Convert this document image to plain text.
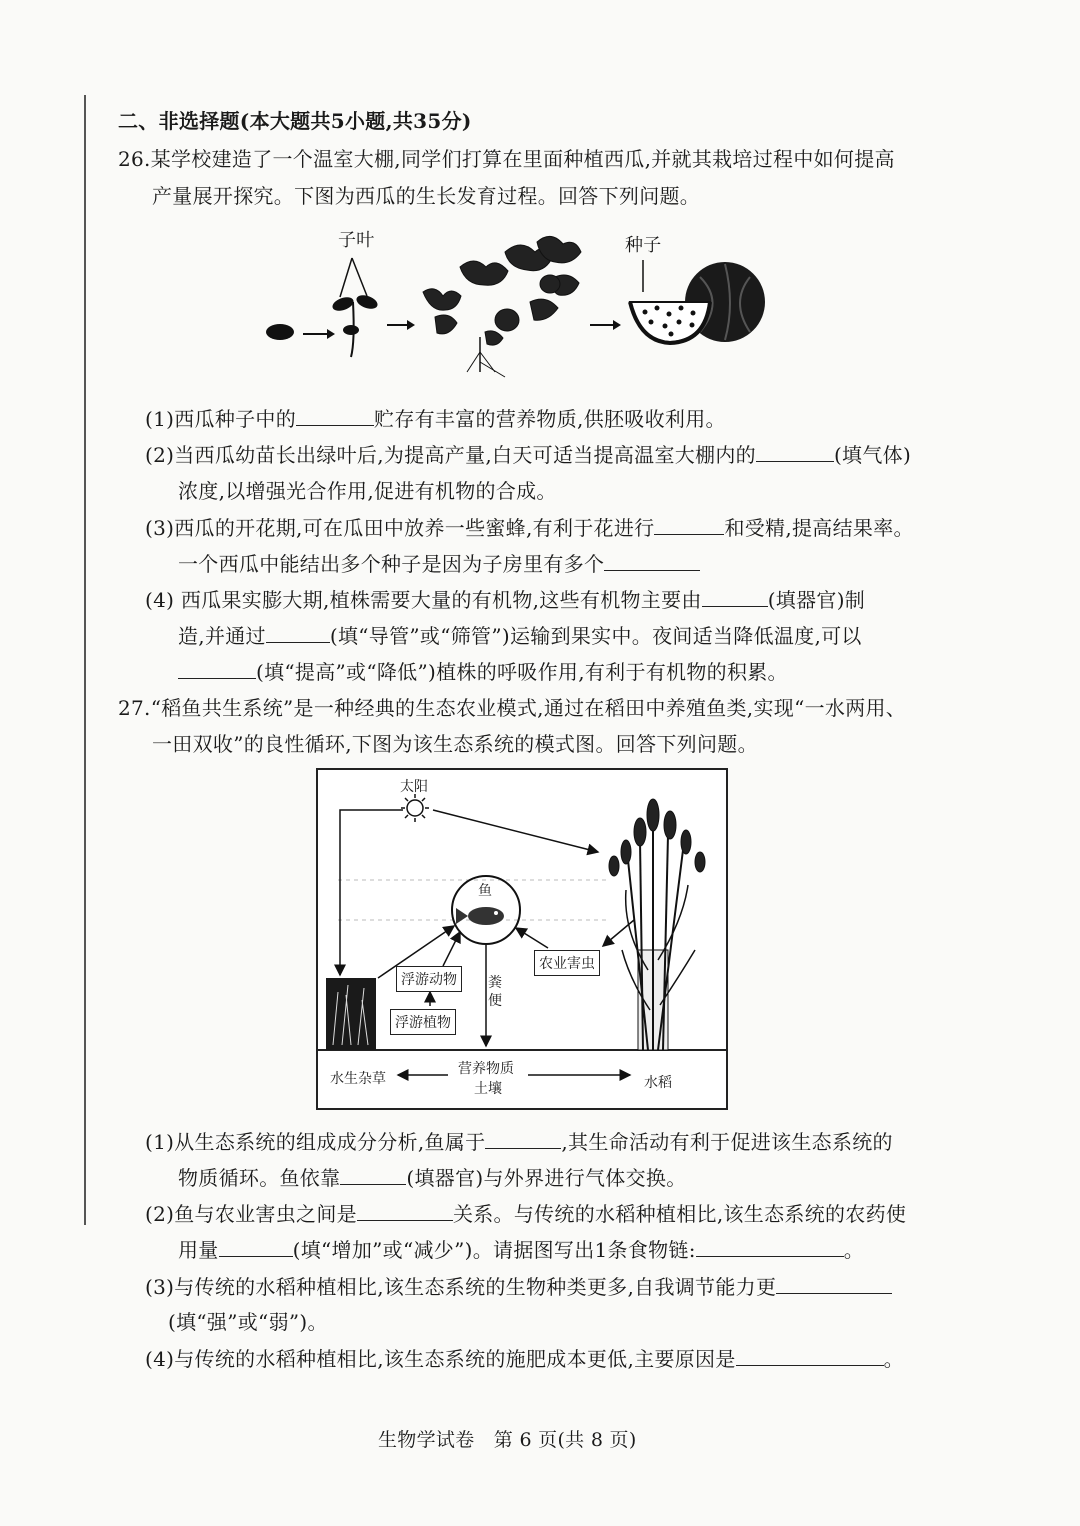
二、非选择题(本大题共5小题,共35分)
26.某学校建造了一个温室大棚,同学们打算在里面种植西瓜,并就其栽培过程中如何提高
产量展开探究。下图为西瓜的生长发育过程。回答下列问题。
子叶	种子
(1)西瓜种子中的	贮存有丰富的营养物质,供胚吸收利用。
(2)当西瓜幼苗长出绿叶后,为提高产量,白天可适当提高温室大棚内的	(填气体)
浓度,以增强光合作用,促进有机物的合成。
(3)西瓜的开花期,可在瓜田中放养一些蜜蜂,有利于花进行	和受精,提高结果率。
一个西瓜中能结出多个种子是因为子房里有多个
(4) 西瓜果实膨大期,植株需要大量的有机物,这些有机物主要由	(填器官)制
造,并通过	(填“导管”或“筛管”)运输到果实中。夜间适当降低温度,可以
(填“提高”或“降低”)植株的呼吸作用,有利于有机物的积累。
27.“稻鱼共生系统”是一种经典的生态农业模式,通过在稻田中养殖鱼类,实现“一水两用、
一田双收”的良性循环,下图为该生态系统的模式图。回答下列问题。
太阳
鱼
粪便
农业害虫
浮游动物
浮游植物
水生杂草
营养物质
土壤	水稻
(1)从生态系统的组成成分分析,鱼属于	,其生命活动有利于促进该生态系统的
物质循环。鱼依靠	(填器官)与外界进行气体交换。
(2)鱼与农业害虫之间是	关系。与传统的水稻种植相比,该生态系统的农药使
用量	(填“增加”或“减少”)。请据图写出1条食物链:	。
(3)与传统的水稻种植相比,该生态系统的生物种类更多,自我调节能力更
(填“强”或“弱”)。
(4)与传统的水稻种植相比,该生态系统的施肥成本更低,主要原因是	。
生物学试卷　第 6 页(共 8 页)
